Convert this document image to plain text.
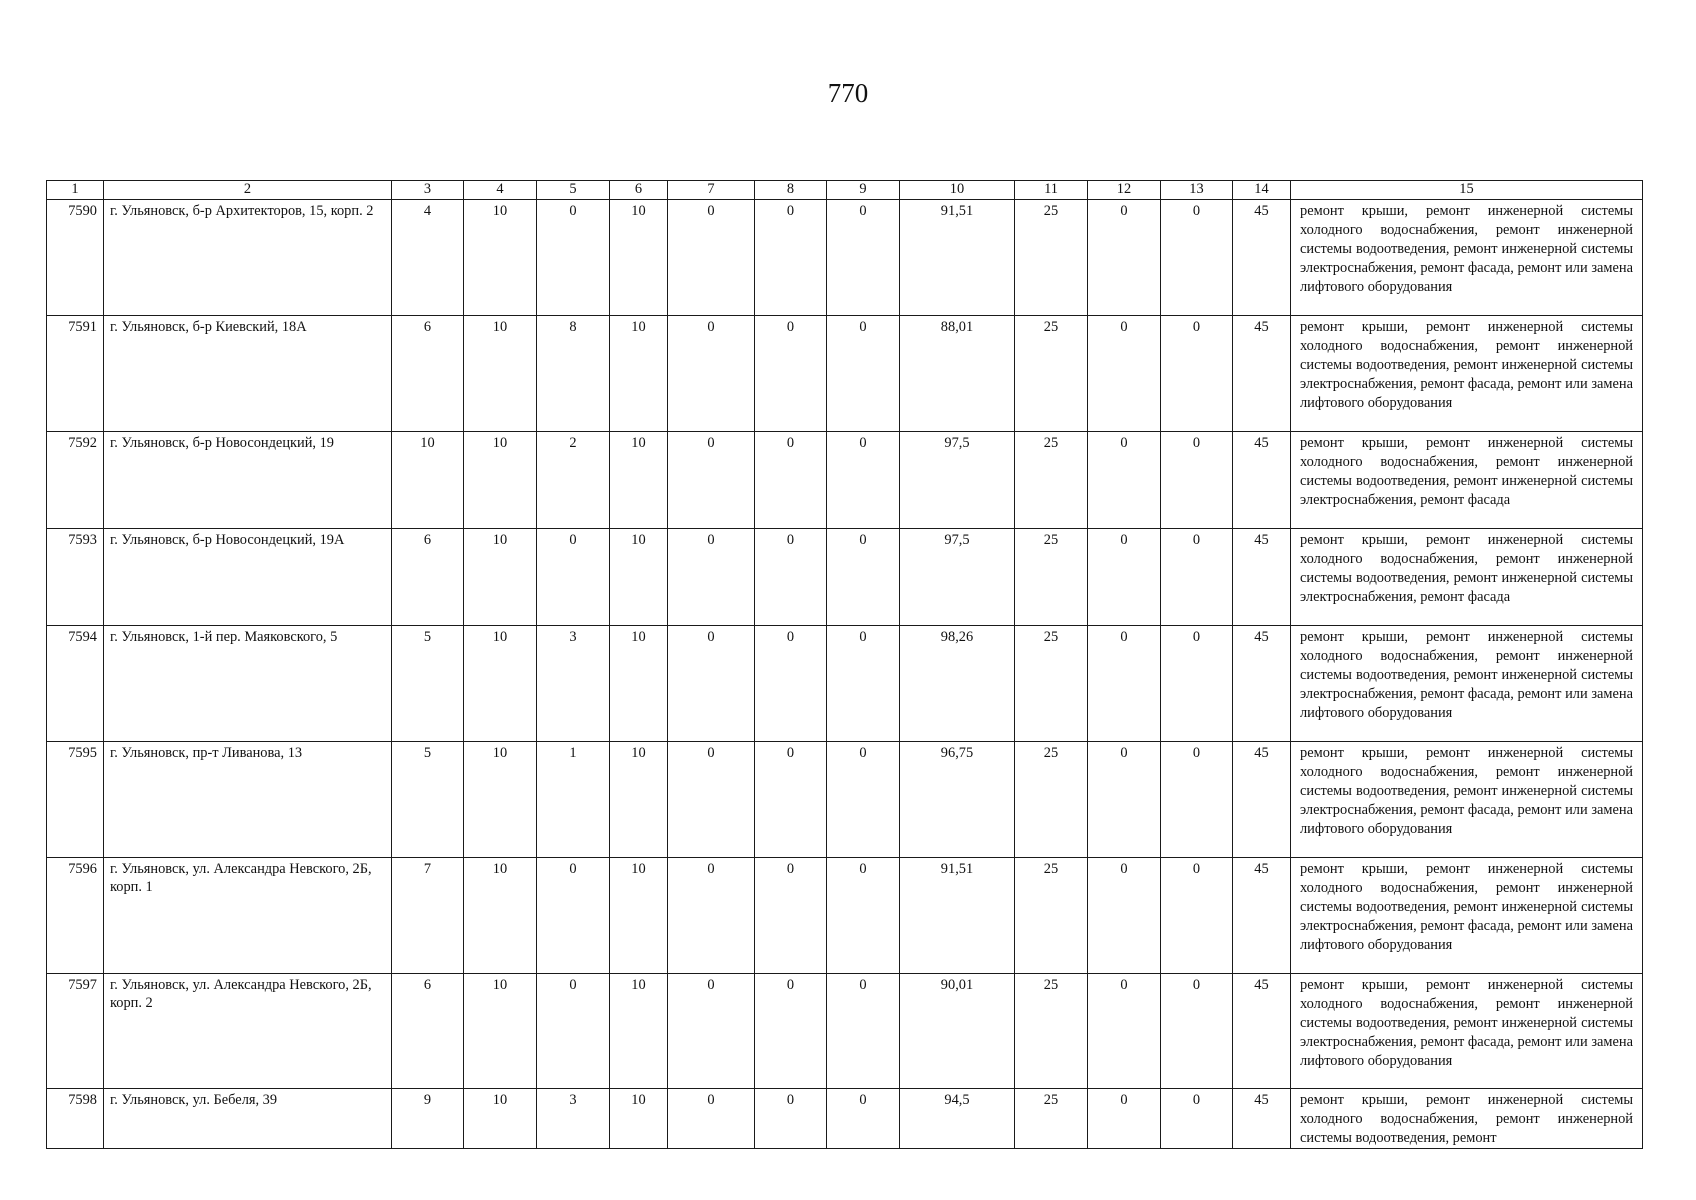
770
1	2	3	4	5	6	7	8	9	10	11	12	13	14	15
7590	г. Ульяновск, б-р Архитекторов, 15, корп. 2	4	10	0	10	0	0	0	91,51	25	0	0	45	ремонт крыши, ремонт инженерной системы холодного водоснабжения, ремонт инженерной системы водоотведения, ремонт инженерной системы электроснабжения, ремонт фасада, ремонт или замена лифтового оборудования
7591	г. Ульяновск, б-р Киевский, 18А	6	10	8	10	0	0	0	88,01	25	0	0	45	ремонт крыши, ремонт инженерной системы холодного водоснабжения, ремонт инженерной системы водоотведения, ремонт инженерной системы электроснабжения, ремонт фасада, ремонт или замена лифтового оборудования
7592	г. Ульяновск, б-р Новосондецкий, 19	10	10	2	10	0	0	0	97,5	25	0	0	45	ремонт крыши, ремонт инженерной системы холодного водоснабжения, ремонт инженерной системы водоотведения, ремонт инженерной системы электроснабжения, ремонт фасада
7593	г. Ульяновск, б-р Новосондецкий, 19А	6	10	0	10	0	0	0	97,5	25	0	0	45	ремонт крыши, ремонт инженерной системы холодного водоснабжения, ремонт инженерной системы водоотведения, ремонт инженерной системы электроснабжения, ремонт фасада
7594	г. Ульяновск, 1-й пер. Маяковского, 5	5	10	3	10	0	0	0	98,26	25	0	0	45	ремонт крыши, ремонт инженерной системы холодного водоснабжения, ремонт инженерной системы водоотведения, ремонт инженерной системы электроснабжения, ремонт фасада, ремонт или замена лифтового оборудования
7595	г. Ульяновск, пр-т Ливанова, 13	5	10	1	10	0	0	0	96,75	25	0	0	45	ремонт крыши, ремонт инженерной системы холодного водоснабжения, ремонт инженерной системы водоотведения, ремонт инженерной системы электроснабжения, ремонт фасада, ремонт или замена лифтового оборудования
7596	г. Ульяновск, ул. Александра Невского, 2Б, корп. 1	7	10	0	10	0	0	0	91,51	25	0	0	45	ремонт крыши, ремонт инженерной системы холодного водоснабжения, ремонт инженерной системы водоотведения, ремонт инженерной системы электроснабжения, ремонт фасада, ремонт или замена лифтового оборудования
7597	г. Ульяновск, ул. Александра Невского, 2Б, корп. 2	6	10	0	10	0	0	0	90,01	25	0	0	45	ремонт крыши, ремонт инженерной системы холодного водоснабжения, ремонт инженерной системы водоотведения, ремонт инженерной системы электроснабжения, ремонт фасада, ремонт или замена лифтового оборудования
7598	г. Ульяновск, ул. Бебеля, 39	9	10	3	10	0	0	0	94,5	25	0	0	45	ремонт крыши, ремонт инженерной системы холодного водоснабжения, ремонт инженерной системы водоотведения, ремонт
